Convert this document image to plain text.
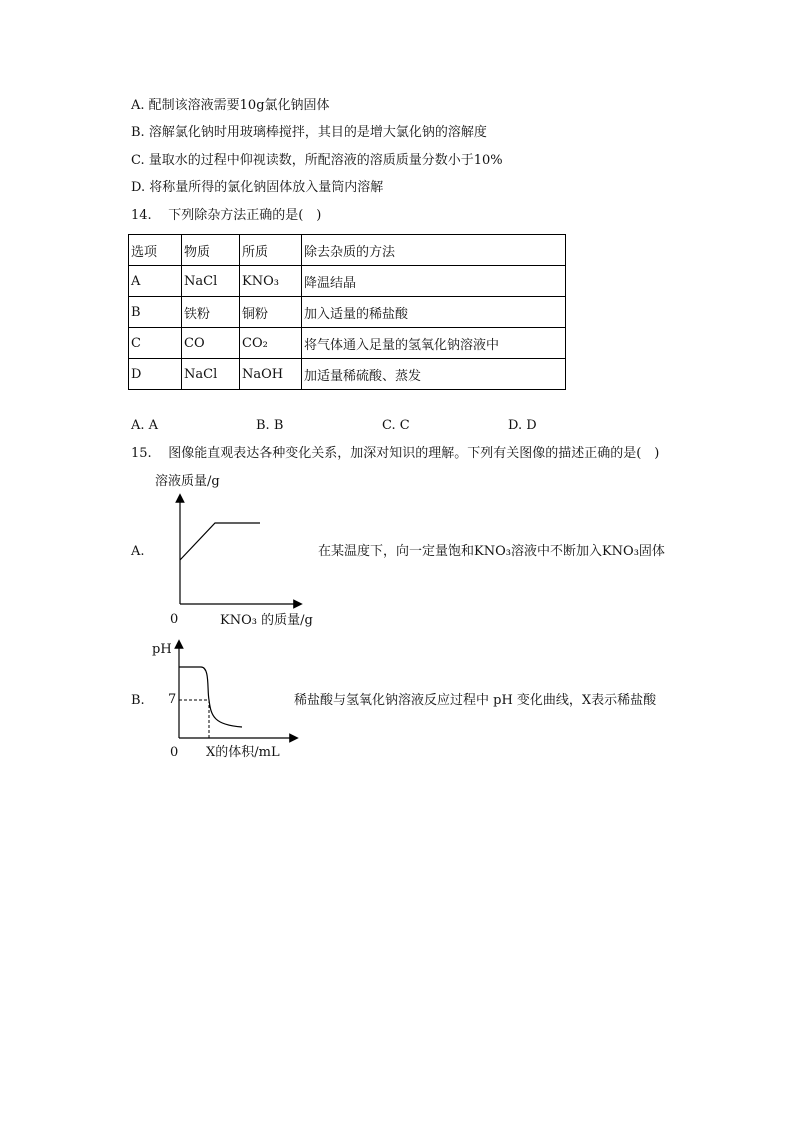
A. 配制该溶液需要10g氯化钠固体
B. 溶解氯化钠时用玻璃棒搅拌，其目的是增大氯化钠的溶解度
C. 量取水的过程中仰视读数，所配溶液的溶质质量分数小于10%
D. 将称量所得的氯化钠固体放入量筒内溶解
14. 下列除杂方法正确的是(　)
选项	物质	所质	除去杂质的方法
A	NaCl	KNO₃	降温结晶
B	铁粉	铜粉	加入适量的稀盐酸
C	CO	CO₂	将气体通入足量的氢氧化钠溶液中
D	NaCl	NaOH	加适量稀硫酸、蒸发
A. A	B. B	C. C	D. D
15. 图像能直观表达各种变化关系，加深对知识的理解。下列有关图像的描述正确的是(　)
A.
溶液质量/g
0	KNO₃ 的质量/g
在某温度下，向一定量饱和KNO₃溶液中不断加入KNO₃固体
B.
pH
7
0 X的体积/mL
稀盐酸与氢氧化钠溶液反应过程中 pH 变化曲线，X表示稀盐酸
